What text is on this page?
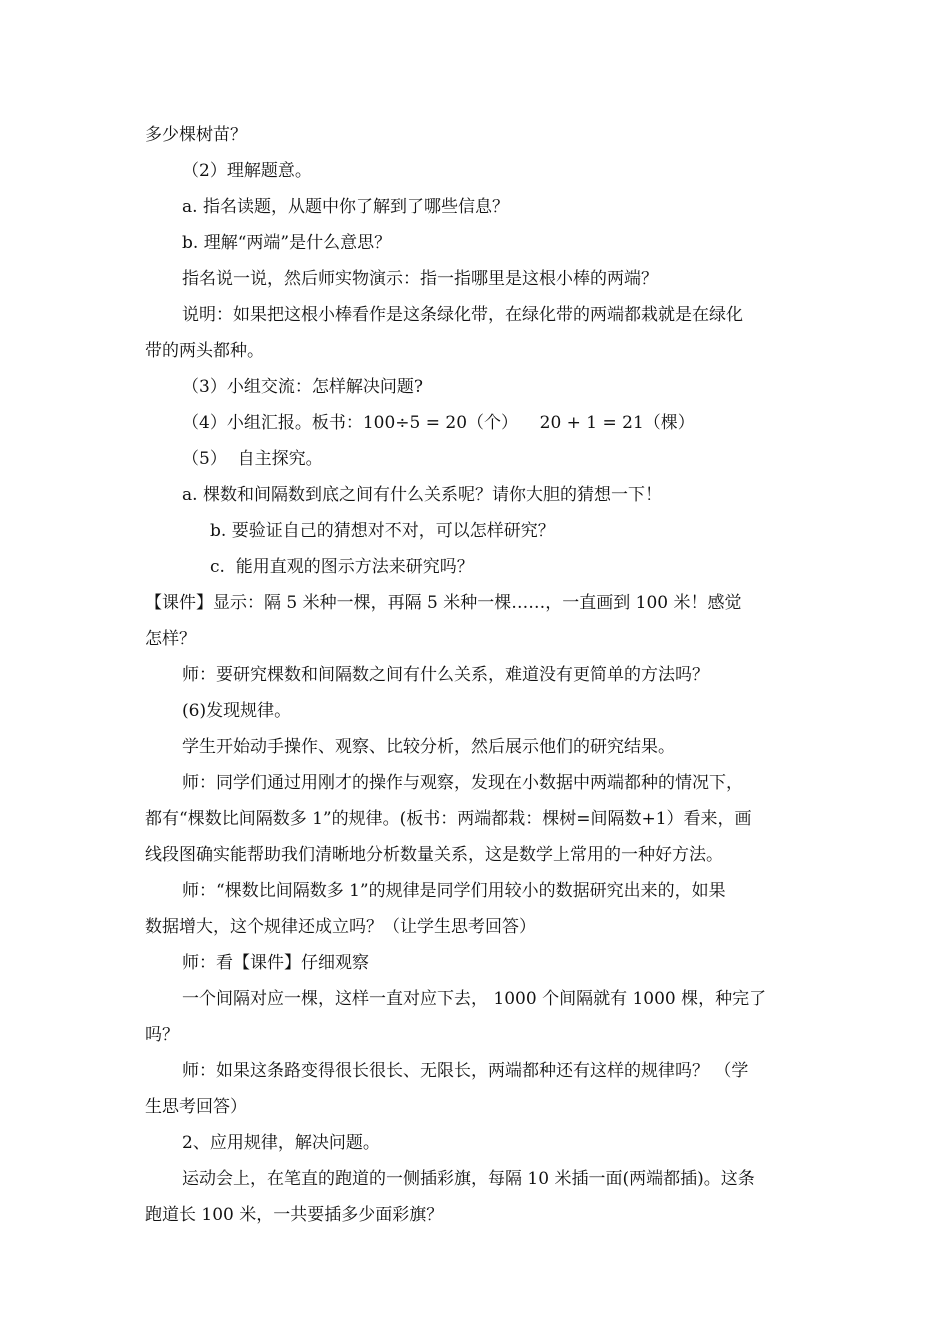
多少棵树苗？
（2）理解题意。
a. 指名读题，从题中你了解到了哪些信息？
b. 理解“两端”是什么意思？
指名说一说，然后师实物演示：指一指哪里是这根小棒的两端？
说明：如果把这根小棒看作是这条绿化带，在绿化带的两端都栽就是在绿化
带的两头都种。
（3）小组交流：怎样解决问题?
（4）小组汇报。板书：100÷5 = 20（个）    20 + 1 = 21（棵）
（5）  自主探究。
a. 棵数和间隔数到底之间有什么关系呢？请你大胆的猜想一下！
b. 要验证自己的猜想对不对，可以怎样研究？
c.  能用直观的图示方法来研究吗？
【课件】显示：隔 5 米种一棵，再隔 5 米种一棵……，一直画到 100 米！感觉
怎样？
师：要研究棵数和间隔数之间有什么关系，难道没有更简单的方法吗？
(6)发现规律。
学生开始动手操作、观察、比较分析，然后展示他们的研究结果。
师：同学们通过用刚才的操作与观察，发现在小数据中两端都种的情况下，
都有“棵数比间隔数多 1”的规律。(板书：两端都栽：棵树=间隔数+1）看来，画
线段图确实能帮助我们清晰地分析数量关系，这是数学上常用的一种好方法。
师：“棵数比间隔数多 1”的规律是同学们用较小的数据研究出来的，如果
数据增大，这个规律还成立吗？（让学生思考回答）
师：看【课件】仔细观察
一个间隔对应一棵，这样一直对应下去， 1000 个间隔就有 1000 棵，种完了
吗？
师：如果这条路变得很长很长、无限长，两端都种还有这样的规律吗？ （学
生思考回答）
2、应用规律，解决问题。
运动会上，在笔直的跑道的一侧插彩旗，每隔 10 米插一面(两端都插)。这条
跑道长 100 米，一共要插多少面彩旗？
